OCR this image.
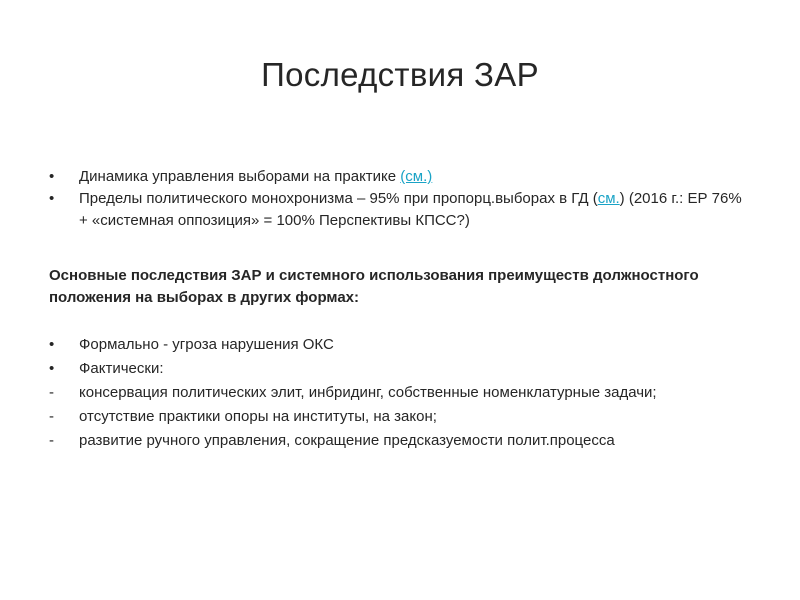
Последствия ЗАР
•	Динамика управления выборами на практике (см.)
•	Пределы политического монохронизма – 95% при пропорц.выборах в ГД (см.) (2016 г.: ЕР 76% + «системная оппозиция» = 100% Перспективы КПСС?)
Основные последствия ЗАР и системного использования преимуществ должностного положения на выборах в других формах:
•	Формально - угроза нарушения ОКС
•	Фактически:
-	консервация политических элит, инбридинг, собственные номенклатурные задачи;
-	отсутствие практики опоры на институты, на закон;
-	развитие ручного управления, сокращение предсказуемости полит.процесса
